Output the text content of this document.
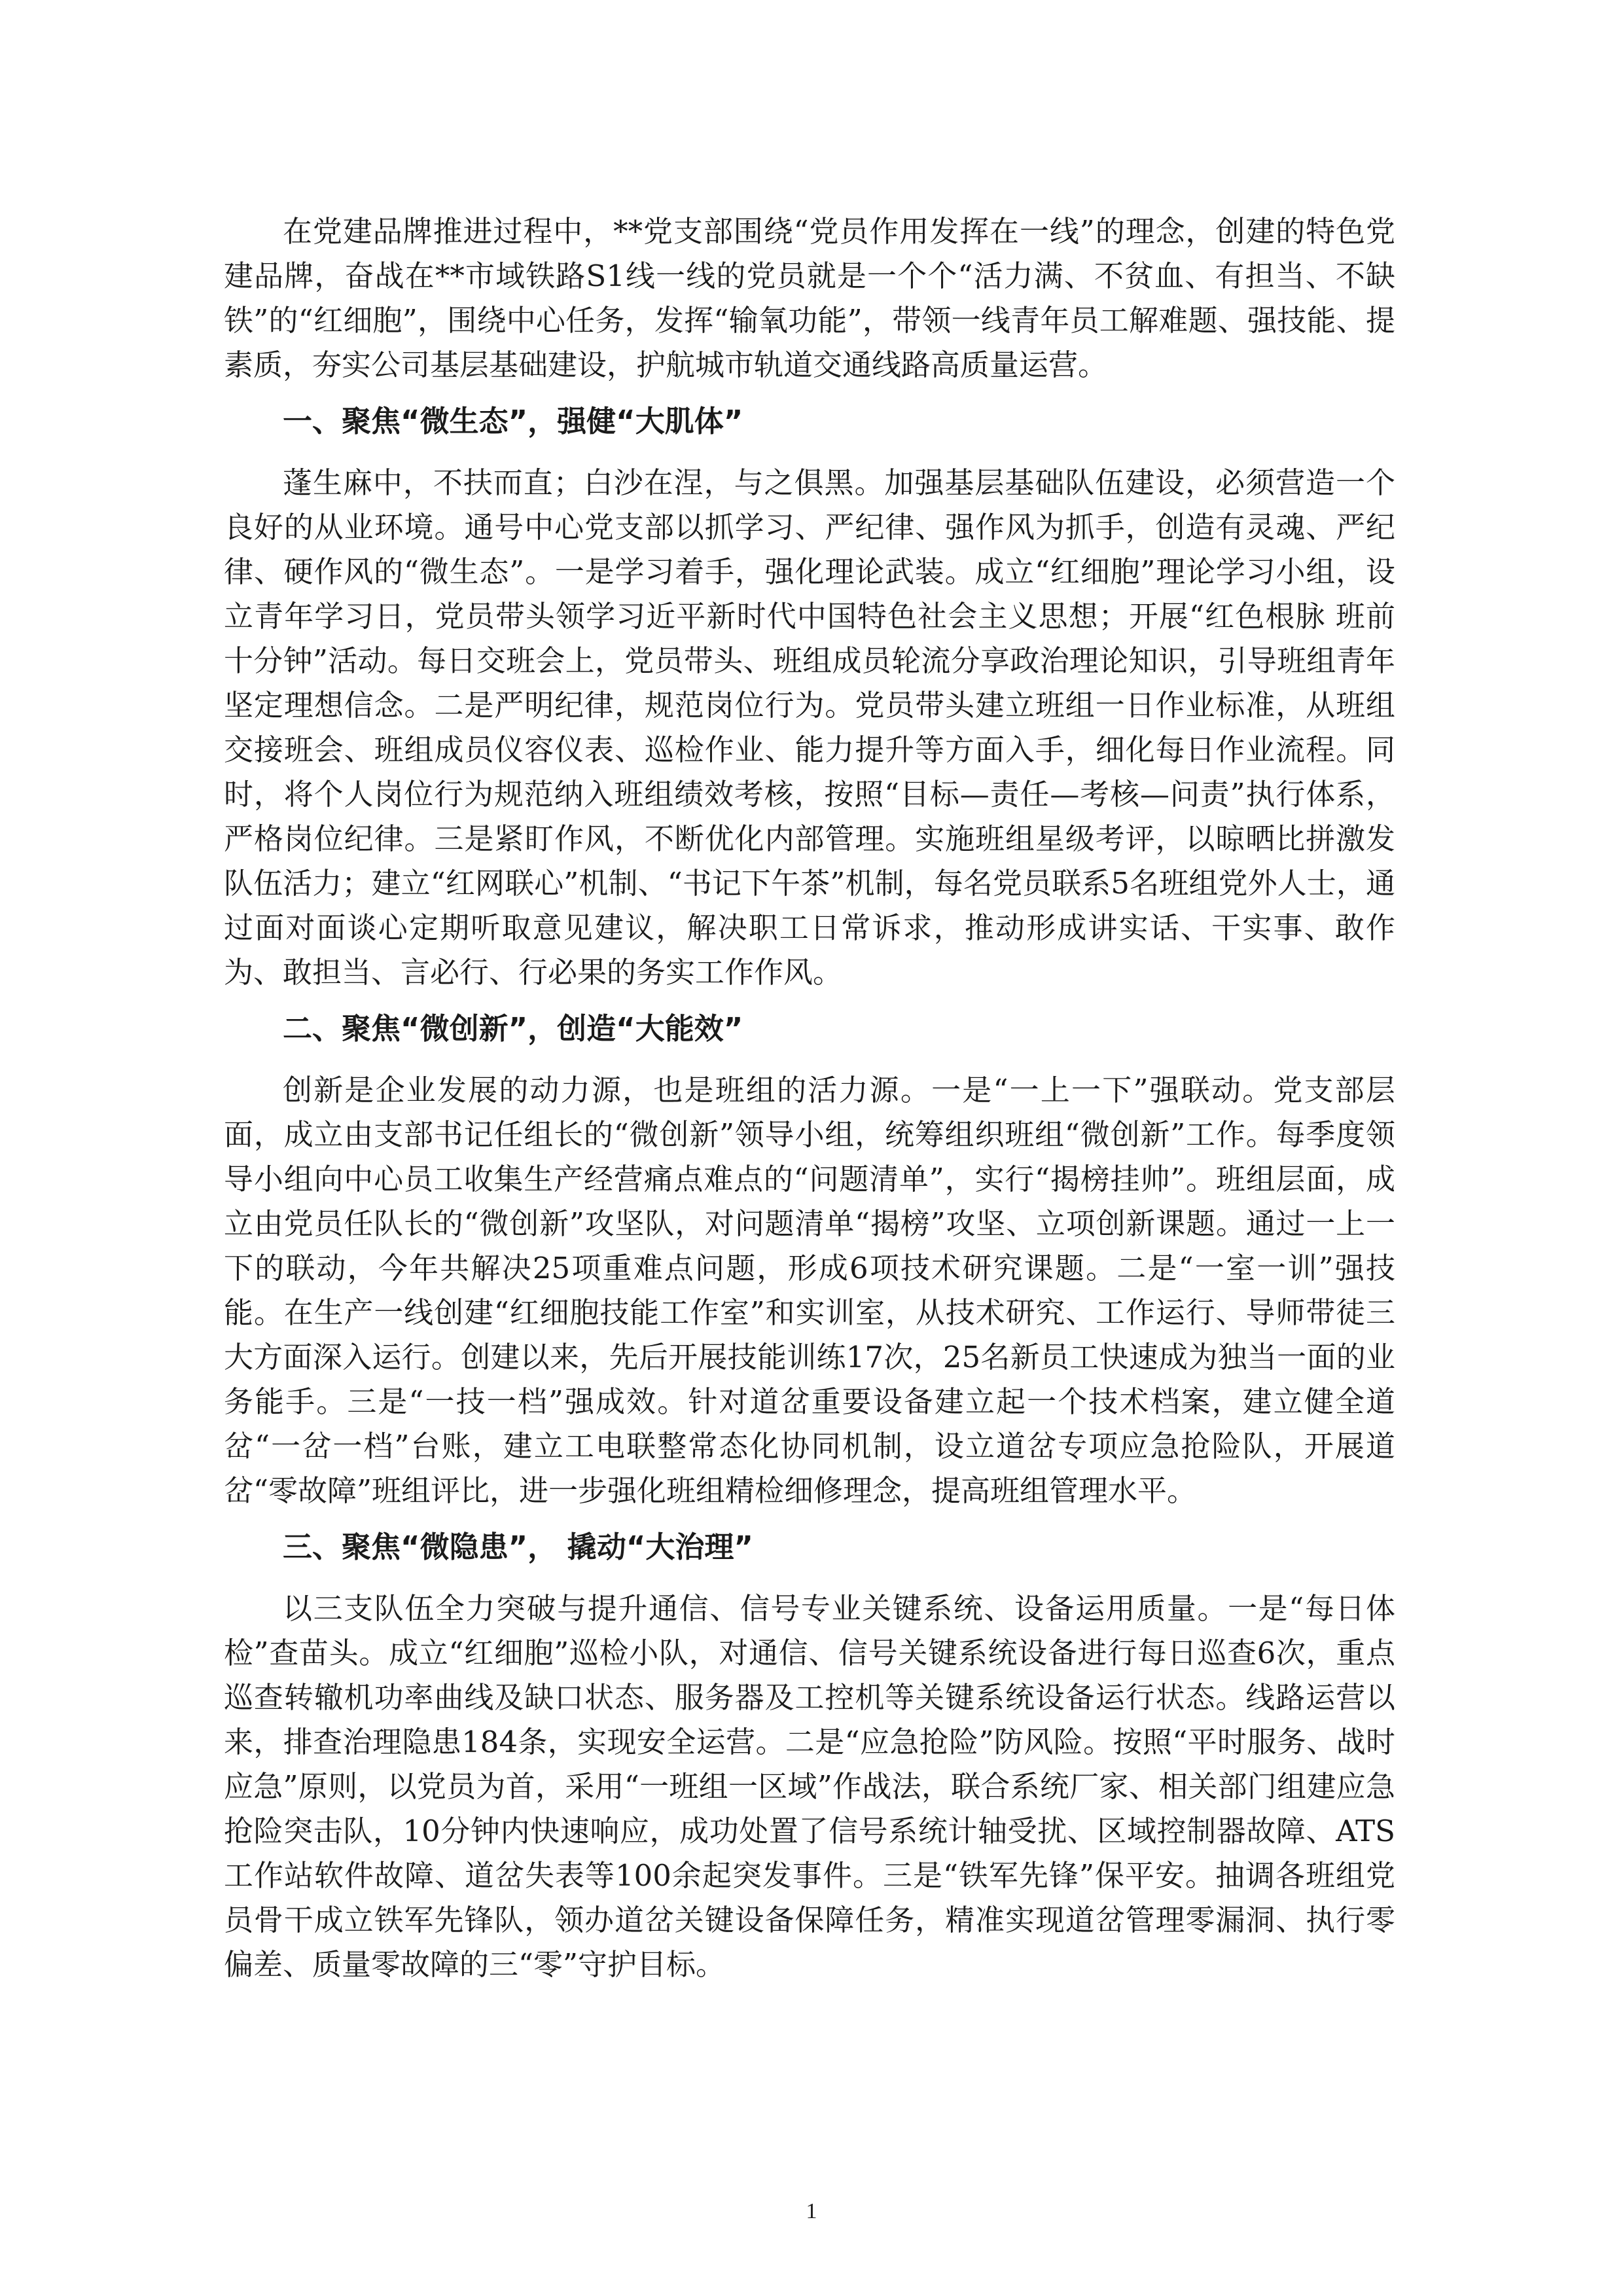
在党建品牌推进过程中，**党支部围绕“党员作用发挥在一线”的理念，创建的特色党建品牌，奋战在**市域铁路S1线一线的党员就是一个个“活力满、不贫血、有担当、不缺铁”的“红细胞”，围绕中心任务，发挥“输氧功能”，带领一线青年员工解难题、强技能、提素质，夯实公司基层基础建设，护航城市轨道交通线路高质量运营。

一、聚焦“微生态”，强健“大肌体”

蓬生麻中，不扶而直；白沙在涅，与之俱黑。加强基层基础队伍建设，必须营造一个良好的从业环境。通号中心党支部以抓学习、严纪律、强作风为抓手，创造有灵魂、严纪律、硬作风的“微生态”。一是学习着手，强化理论武装。成立“红细胞”理论学习小组，设立青年学习日，党员带头领学习近平新时代中国特色社会主义思想；开展“红色根脉 班前十分钟”活动。每日交班会上，党员带头、班组成员轮流分享政治理论知识，引导班组青年坚定理想信念。二是严明纪律，规范岗位行为。党员带头建立班组一日作业标准，从班组交接班会、班组成员仪容仪表、巡检作业、能力提升等方面入手，细化每日作业流程。同时，将个人岗位行为规范纳入班组绩效考核，按照“目标—责任—考核—问责”执行体系，严格岗位纪律。三是紧盯作风，不断优化内部管理。实施班组星级考评，以晾晒比拼激发队伍活力；建立“红网联心”机制、“书记下午茶”机制，每名党员联系5名班组党外人士，通过面对面谈心定期听取意见建议，解决职工日常诉求，推动形成讲实话、干实事、敢作为、敢担当、言必行、行必果的务实工作作风。

二、聚焦“微创新”，创造“大能效”

创新是企业发展的动力源，也是班组的活力源。一是“一上一下”强联动。党支部层面，成立由支部书记任组长的“微创新”领导小组，统筹组织班组“微创新”工作。每季度领导小组向中心员工收集生产经营痛点难点的“问题清单”，实行“揭榜挂帅”。班组层面，成立由党员任队长的“微创新”攻坚队，对问题清单“揭榜”攻坚、立项创新课题。通过一上一下的联动，今年共解决25项重难点问题，形成6项技术研究课题。二是“一室一训”强技能。在生产一线创建“红细胞技能工作室”和实训室，从技术研究、工作运行、导师带徒三大方面深入运行。创建以来，先后开展技能训练17次，25名新员工快速成为独当一面的业务能手。三是“一技一档”强成效。针对道岔重要设备建立起一个技术档案，建立健全道岔“一岔一档”台账，建立工电联整常态化协同机制，设立道岔专项应急抢险队，开展道岔“零故障”班组评比，进一步强化班组精检细修理念，提高班组管理水平。

三、聚焦“微隐患”， 撬动“大治理”

以三支队伍全力突破与提升通信、信号专业关键系统、设备运用质量。一是“每日体检”查苗头。成立“红细胞”巡检小队，对通信、信号关键系统设备进行每日巡查6次，重点巡查转辙机功率曲线及缺口状态、服务器及工控机等关键系统设备运行状态。线路运营以来，排查治理隐患184条，实现安全运营。二是“应急抢险”防风险。按照“平时服务、战时应急”原则，以党员为首，采用“一班组一区域”作战法，联合系统厂家、相关部门组建应急抢险突击队，10分钟内快速响应，成功处置了信号系统计轴受扰、区域控制器故障、ATS工作站软件故障、道岔失表等100余起突发事件。三是“铁军先锋”保平安。抽调各班组党员骨干成立铁军先锋队，领办道岔关键设备保障任务，精准实现道岔管理零漏洞、执行零偏差、质量零故障的三“零”守护目标。

1
